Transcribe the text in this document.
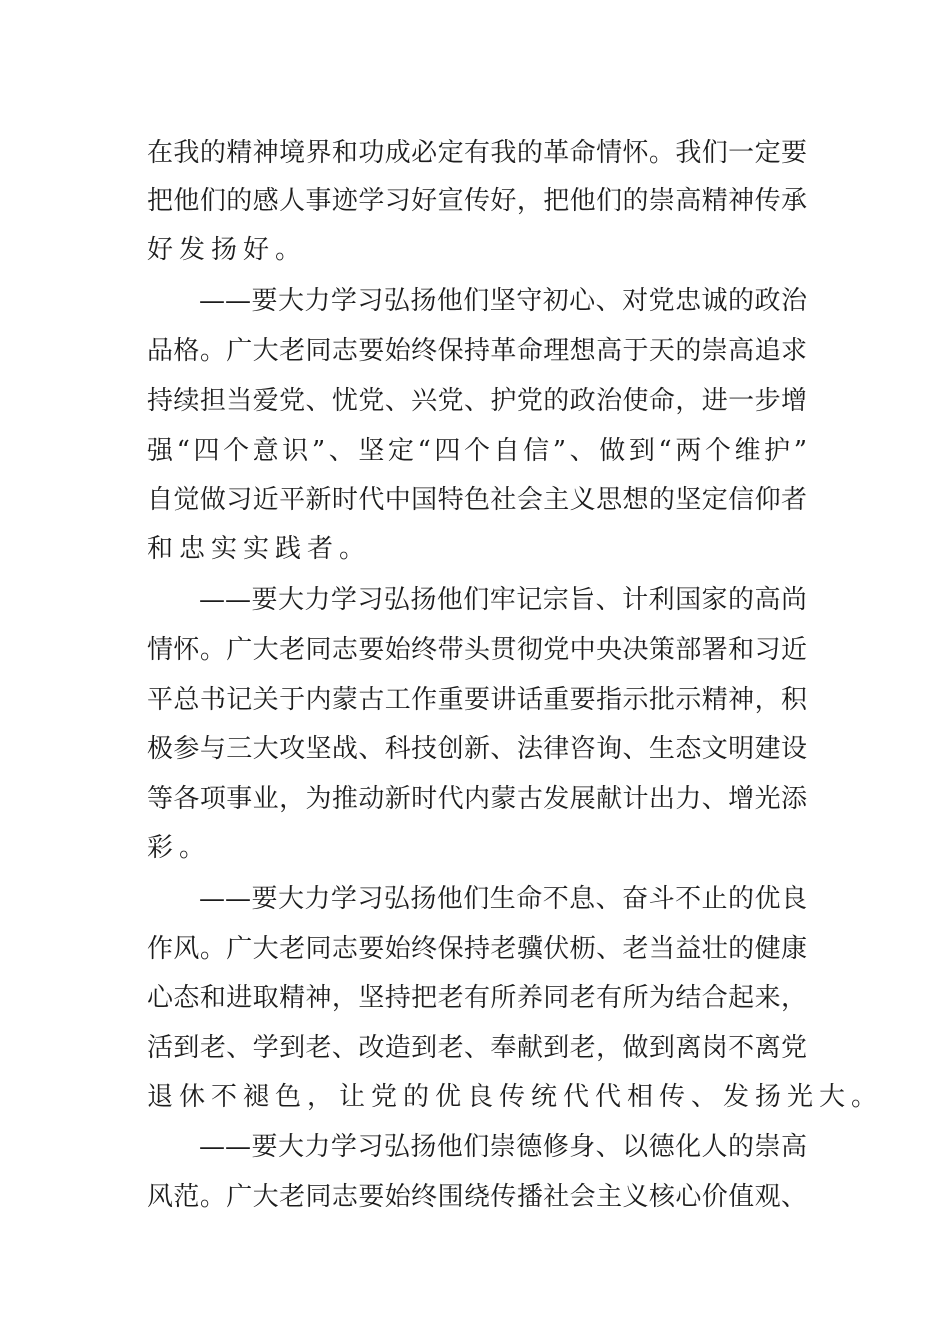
在我的精神境界和功成必定有我的革命情怀。我们一定要
把他们的感人事迹学习好宣传好，把他们的崇高精神传承
好发扬好。
——要大力学习弘扬他们坚守初心、对党忠诚的政治
品格。广大老同志要始终保持革命理想高于天的崇高追求
持续担当爱党、忧党、兴党、护党的政治使命，进一步增
强“四个意识”、坚定“四个自信”、做到“两个维护”
自觉做习近平新时代中国特色社会主义思想的坚定信仰者
和忠实实践者。
——要大力学习弘扬他们牢记宗旨、计利国家的高尚
情怀。广大老同志要始终带头贯彻党中央决策部署和习近
平总书记关于内蒙古工作重要讲话重要指示批示精神，积
极参与三大攻坚战、科技创新、法律咨询、生态文明建设
等各项事业，为推动新时代内蒙古发展献计出力、增光添
彩。
——要大力学习弘扬他们生命不息、奋斗不止的优良
作风。广大老同志要始终保持老骥伏枥、老当益壮的健康
心态和进取精神，坚持把老有所养同老有所为结合起来，
活到老、学到老、改造到老、奉献到老，做到离岗不离党
退休不褪色，让党的优良传统代代相传、发扬光大。
——要大力学习弘扬他们崇德修身、以德化人的崇高
风范。广大老同志要始终围绕传播社会主义核心价值观、
